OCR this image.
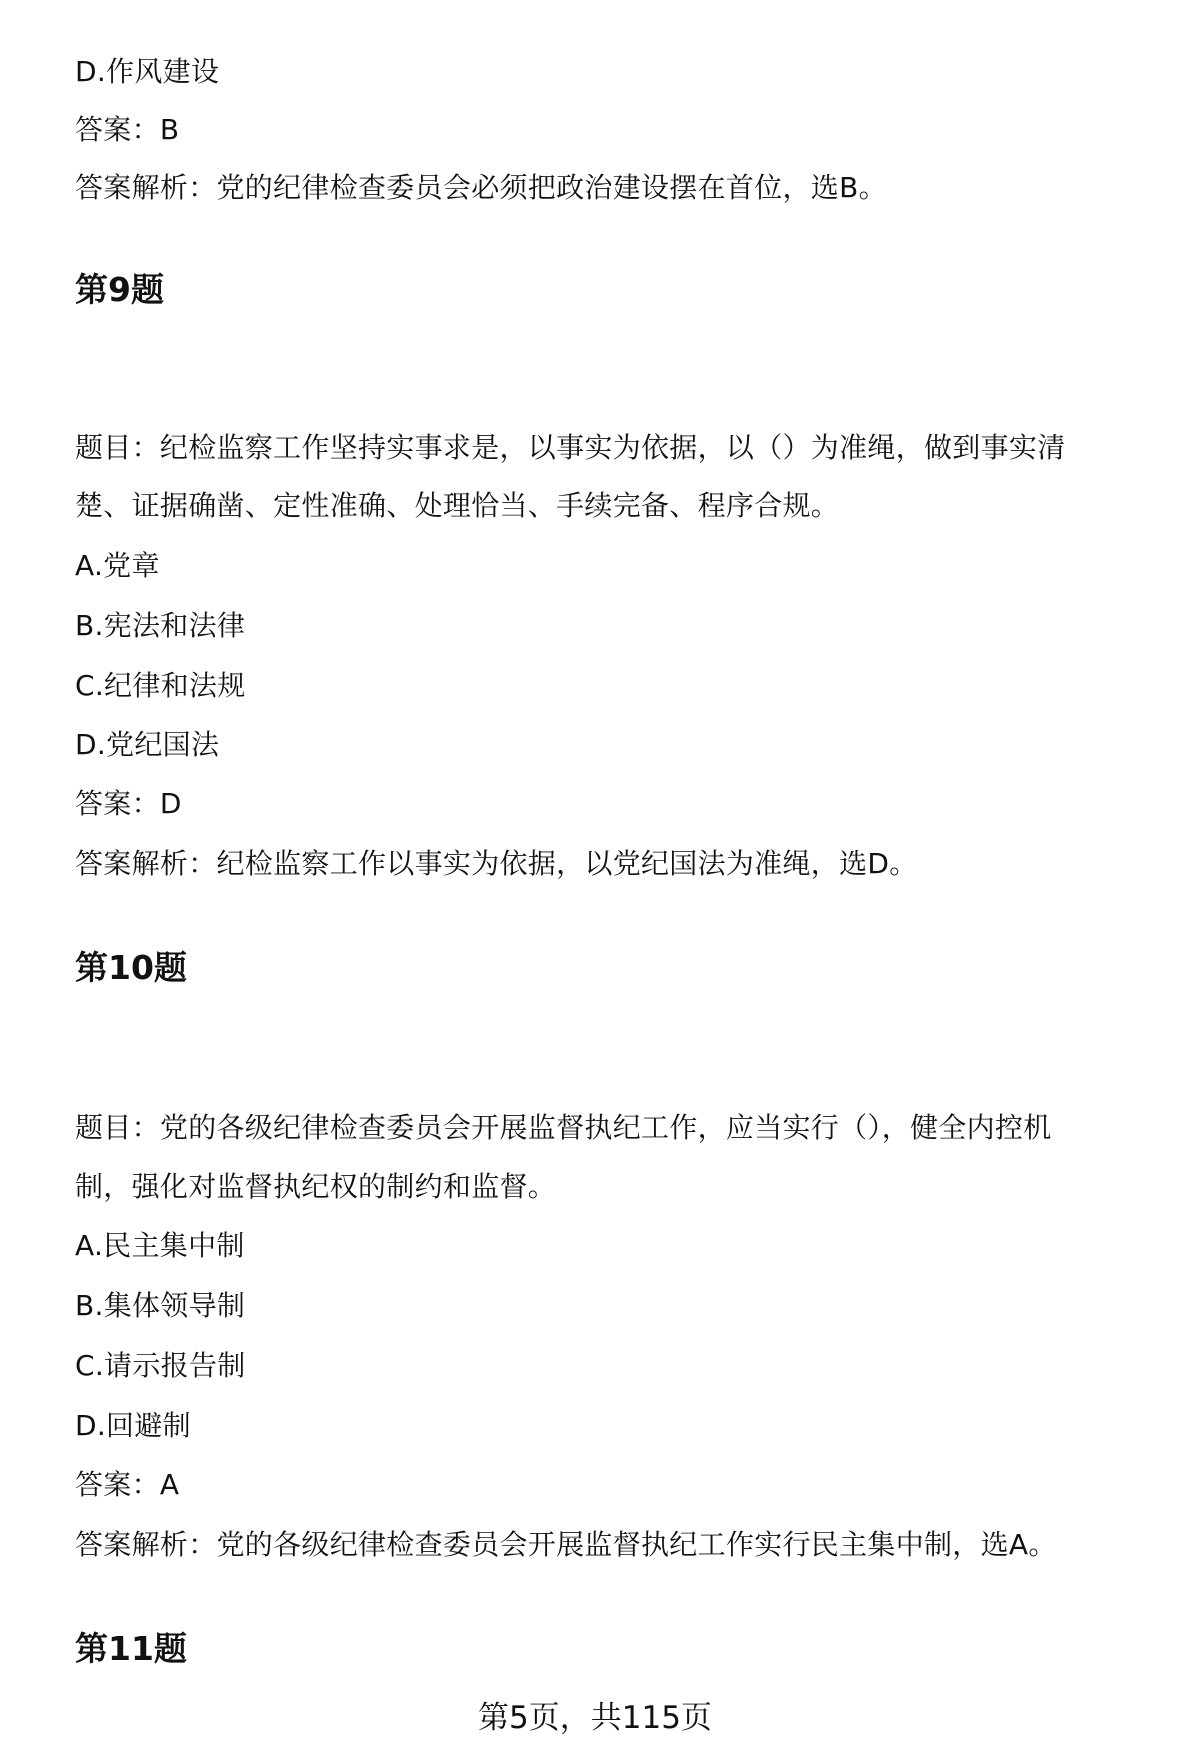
D.作风建设
答案：B
答案解析：党的纪律检查委员会必须把政治建设摆在首位，选B。
第9题
题目：纪检监察工作坚持实事求是，以事实为依据，以（）为准绳，做到事实清
楚、证据确凿、定性准确、处理恰当、手续完备、程序合规。
A.党章
B.宪法和法律
C.纪律和法规
D.党纪国法
答案：D
答案解析：纪检监察工作以事实为依据，以党纪国法为准绳，选D。
第10题
题目：党的各级纪律检查委员会开展监督执纪工作，应当实行（），健全内控机
制，强化对监督执纪权的制约和监督。
A.民主集中制
B.集体领导制
C.请示报告制
D.回避制
答案：A
答案解析：党的各级纪律检查委员会开展监督执纪工作实行民主集中制，选A。
第11题
第5页，共115页
